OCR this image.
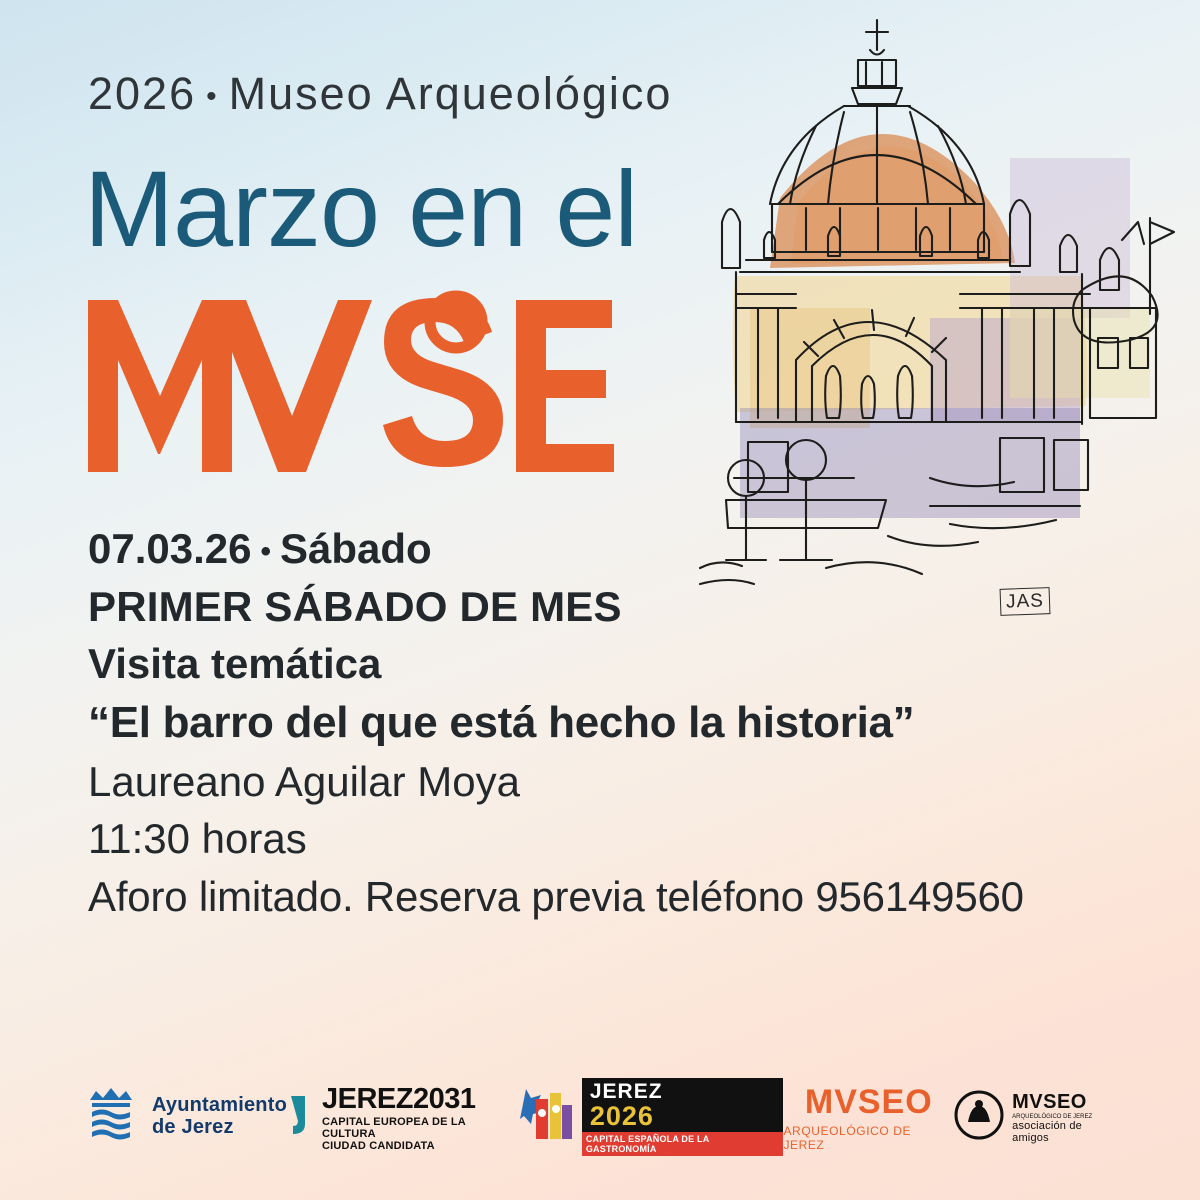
JAS
2026 • Museo Arqueológico
Marzo en el
07.03.26 • Sábado
PRIMER SÁBADO DE MES
Visita temática
“El barro del que está hecho la historia”
Laureano Aguilar Moya
11:30 horas
Aforo limitado. Reserva previa teléfono 956149560
Ayuntamiento
de Jerez
JEREZ2031
CAPITAL EUROPEA DE LA CULTURA
CIUDAD CANDIDATA
JEREZ
2026
CAPITAL ESPAÑOLA DE LA GASTRONOMÍA
MVSEO
ARQUEOLÓGICO DE JEREZ
MVSEO
ARQUEOLÓGICO DE JEREZ
asociación de amigos
